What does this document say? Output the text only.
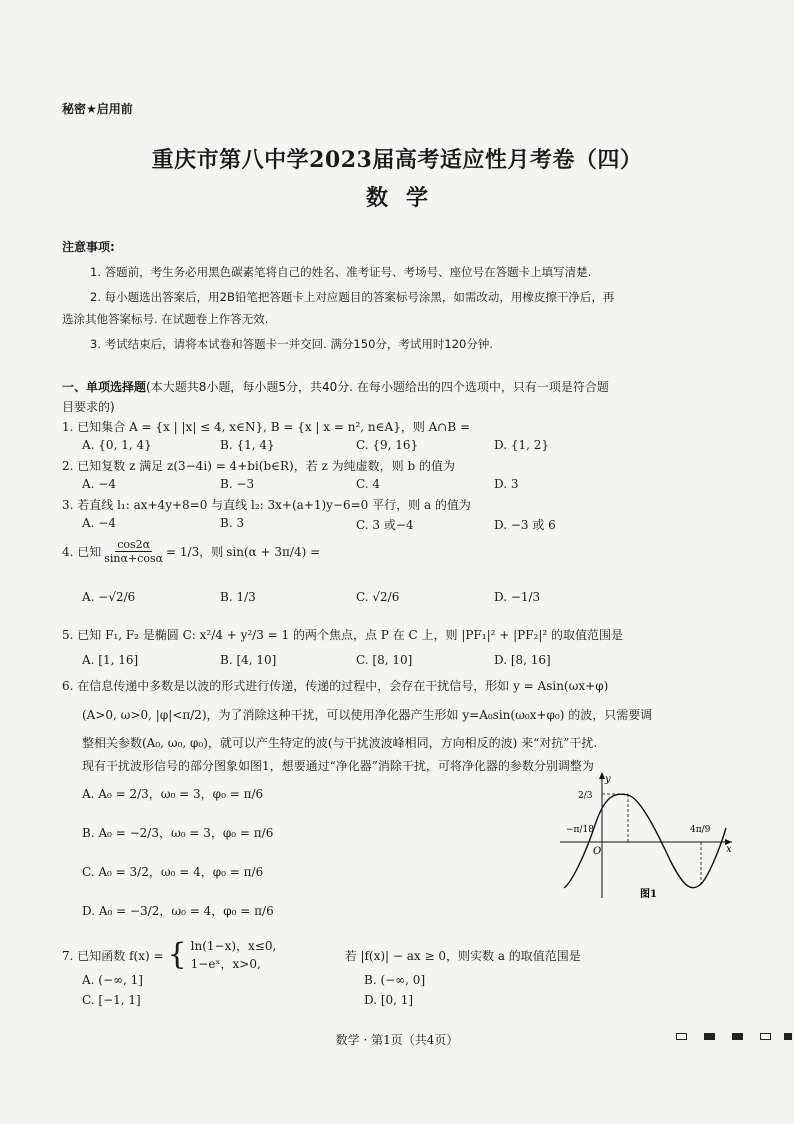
秘密★启用前
重庆市第八中学2023届高考适应性月考卷（四）
数学
注意事项:
1. 答题前，考生务必用黑色碳素笔将自己的姓名、准考证号、考场号、座位号在答题卡上填写清楚.
2. 每小题选出答案后，用2B铅笔把答题卡上对应题目的答案标号涂黑，如需改动，用橡皮擦干净后，再
选涂其他答案标号. 在试题卷上作答无效.
3. 考试结束后，请将本试卷和答题卡一并交回. 满分150分，考试用时120分钟.
一、单项选择题(本大题共8小题，每小题5分，共40分. 在每小题给出的四个选项中，只有一项是符合题
目要求的)
1. 已知集合 A = {x | |x| ≤ 4, x∈N}, B = {x | x = n², n∈A}，则 A∩B =
A. {0, 1, 4}	B. {1, 4}	C. {9, 16}	D. {1, 2}
2. 已知复数 z 满足 z(3−4i) = 4+bi(b∈R)，若 z 为纯虚数，则 b 的值为
A. −4	B. −3	C. 4	D. 3
3. 若直线 l₁: ax+4y+8=0 与直线 l₂: 3x+(a+1)y−6=0 平行，则 a 的值为
A. −4	B. 3	C. 3 或−4	D. −3 或 6
4. 已知 $\frac{\cos 2\alpha}{\sin\alpha+\cos\alpha} = 1/3$，则 sin(α + 3π/4) =
A. −√2/6	B. 1/3	C. √2/6	D. −1/3
5. 已知 F₁, F₂ 是椭圆 C: x²/4 + y²/3 = 1 的两个焦点，点 P 在 C 上，则 |PF₁|² + |PF₂|² 的取值范围是
A. [1, 16]	B. [4, 10]	C. [8, 10]	D. [8, 16]
6. 在信息传递中多数是以波的形式进行传递，传递的过程中，会存在干扰信号，形如 y = Asin(ωx+φ)
(A>0, ω>0, |φ|<π/2)，为了消除这种干扰，可以使用净化器产生形如 y=A₀sin(ω₀x+φ₀) 的波，只需要调
整相关参数(A₀, ω₀, φ₀)，就可以产生特定的波(与干扰波波峰相同，方向相反的波) 来“对抗”干扰.
现有干扰波形信号的部分图象如图1，想要通过“净化器”消除干扰，可将净化器的参数分别调整为
A. A₀ = 2/3，ω₀ = 3，φ₀ = π/6
B. A₀ = −2/3，ω₀ = 3，φ₀ = π/6
C. A₀ = 3/2，ω₀ = 4，φ₀ = π/6
D. A₀ = −3/2，ω₀ = 4，φ₀ = π/6
y
x
O
2/3
−π/18	4π/9
图1
7. 已知函数 f(x) = { ln(1−x)，x≤0,
1−eˣ，x>0,
若 |f(x)| − ax ≥ 0，则实数 a 的取值范围是
A. (−∞, 1]	B. (−∞, 0]
C. [−1, 1]	D. [0, 1]
数学 · 第1页（共4页）
